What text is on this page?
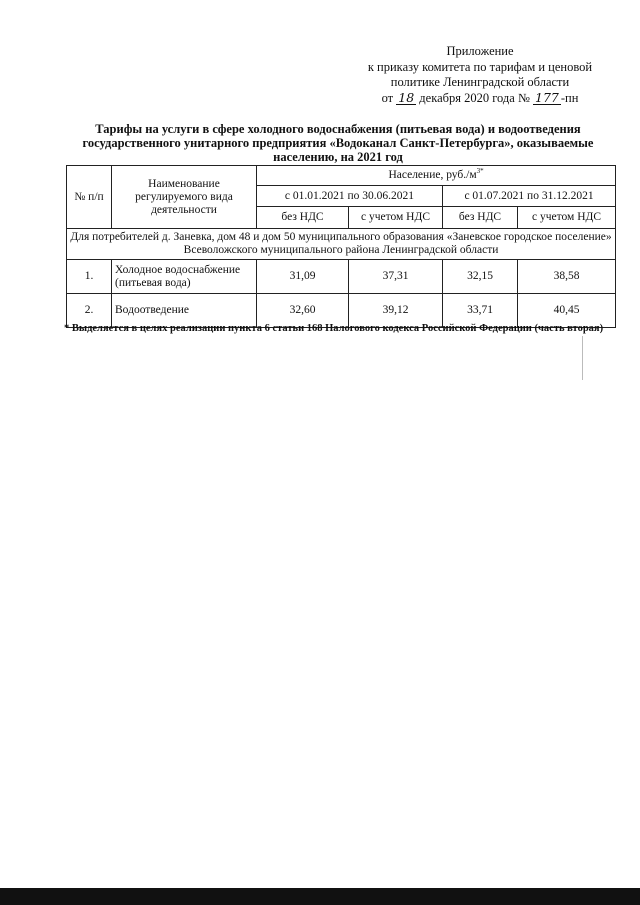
Приложение
к приказу комитета по тарифам и ценовой
политике Ленинградской области
от 18 декабря 2020 года № 177 -пн
Тарифы на услуги в сфере холодного водоснабжения (питьевая вода) и водоотведения
государственного унитарного предприятия «Водоканал Санкт-Петербурга», оказываемые
населению, на 2021 год
№ п/п	Наименование регулируемого вида деятельности	Население, $руб./м^{3*}$
		с 01.01.2021 по 30.06.2021		с 01.07.2021 по 31.12.2021	
		без НДС	с учетом НДС	без НДС	с учетом НДС
Для потребителей д. Заневка, дом 48 и дом 50 муниципального образования «Заневское городское поселение» Всеволожского муниципального района Ленинградской области					
1.	Холодное водоснабжение (питьевая вода)	31,09	37,31	32,15	38,58
2.	Водоотведение	32,60	39,12	33,71	40,45
* Выделяется в целях реализации пункта 6 статьи 168 Налогового кодекса Российской Федерации (часть вторая)
